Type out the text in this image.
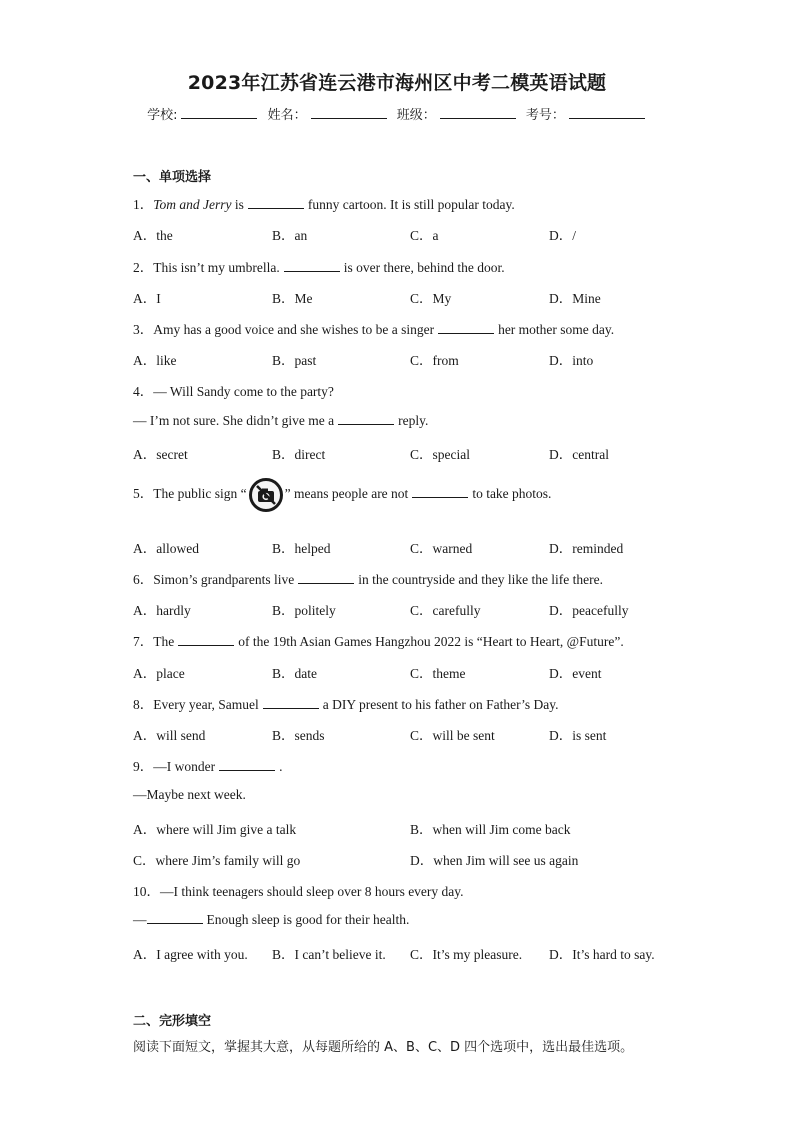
2023年江苏省连云港市海州区中考二模英语试题
学校:	姓名：	班级：	考号：
一、单项选择
1．Tom and Jerry is	funny cartoon. It is still popular today.
A．the	B．an	C．a	D．/
2．This isn’t my umbrella.	is over there, behind the door.
A．I	B．Me	C．My	D．Mine
3．Amy has a good voice and she wishes to be a singer	her mother some day.
A．like	B．past	C．from	D．into
4．— Will Sandy come to the party?
— I’m not sure. She didn’t give me a	reply.
A．secret	B．direct	C．special	D．central
5．The public sign “	” means people are not	to take photos.
A．allowed	B．helped	C．warned	D．reminded
6．Simon’s grandparents live	in the countryside and they like the life there.
A．hardly	B．politely	C．carefully	D．peacefully
7．The	of the 19th Asian Games Hangzhou 2022 is “Heart to Heart, @Future”.
A．place	B．date	C．theme	D．event
8．Every year, Samuel	a DIY present to his father on Father’s Day.
A．will send	B．sends	C．will be sent	D．is sent
9．—I wonder	.
—Maybe next week.
A．where will Jim give a talk	B．when will Jim come back
C．where Jim’s family will go	D．when Jim will see us again
10．—I think teenagers should sleep over 8 hours every day.
—	Enough sleep is good for their health.
A．I agree with you. B．I can’t believe it. C．It’s my pleasure. D．It’s hard to say.
二、完形填空
阅读下面短文，掌握其大意，从每题所给的 A、B、C、D 四个选项中，选出最佳选项。
